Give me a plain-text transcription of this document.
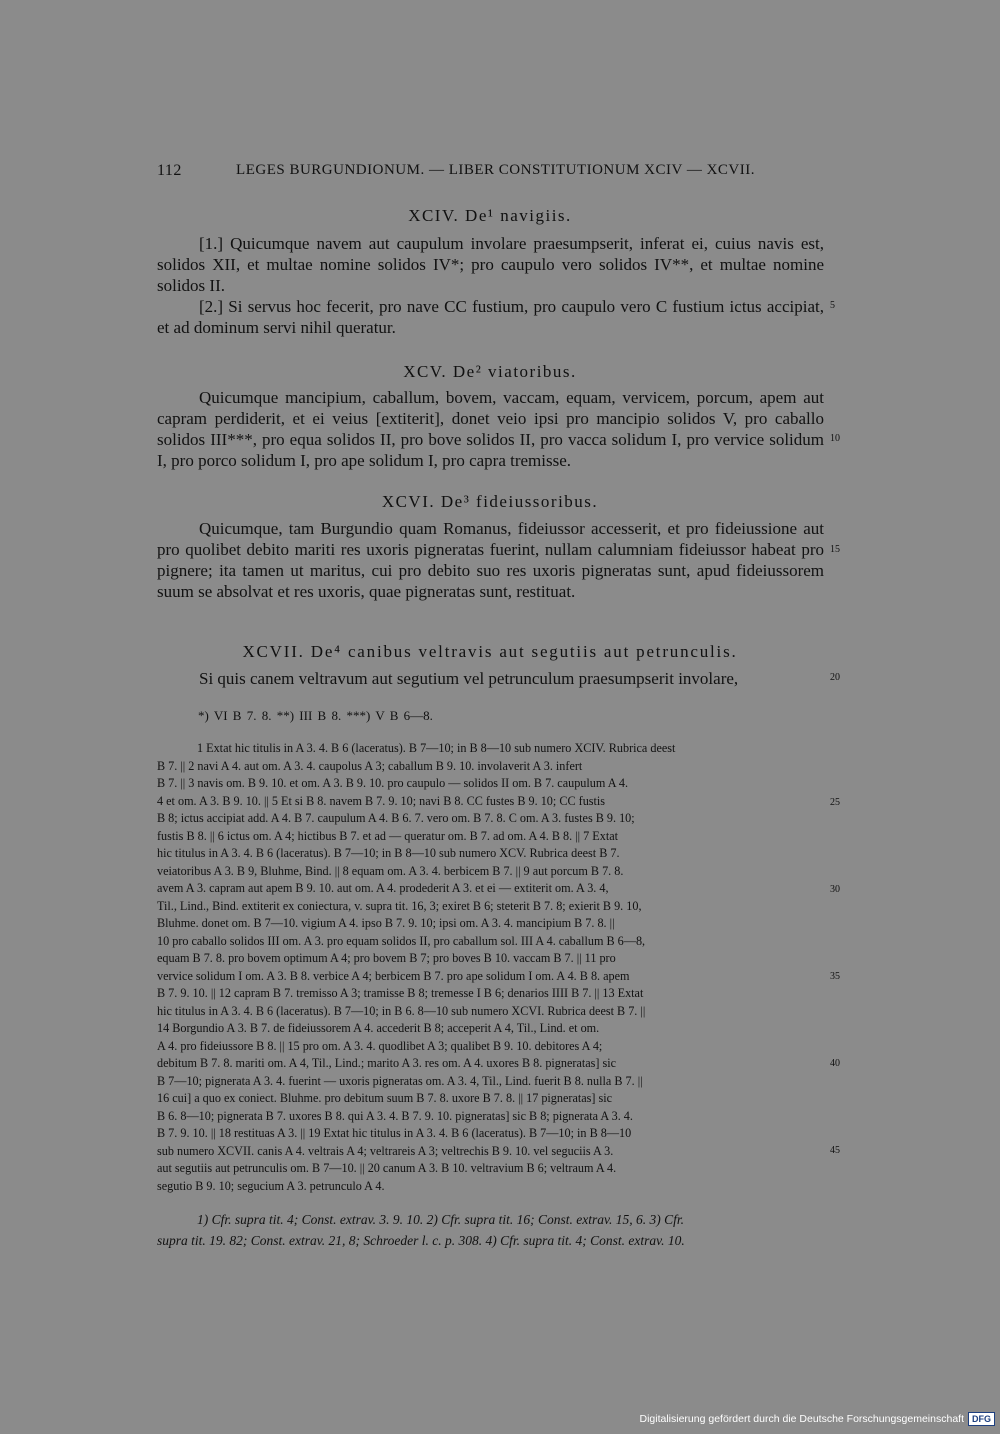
112	LEGES BURGUNDIONUM. — LIBER CONSTITUTIONUM XCIV — XCVII.
XCIV. De¹ navigiis.
[1.] Quicumque navem aut caupulum involare praesumpserit, inferat ei, cuius navis est, solidos XII, et multae nomine solidos IV*; pro caupulo vero solidos IV**, et multae nomine solidos II.
[2.] Si servus hoc fecerit, pro nave CC fustium, pro caupulo vero C fustium ictus accipiat, et ad dominum servi nihil queratur.
XCV. De² viatoribus.
Quicumque mancipium, caballum, bovem, vaccam, equam, vervicem, porcum, apem aut capram perdiderit, et ei veius [extiterit], donet veio ipsi pro mancipio solidos V, pro caballo solidos III***, pro equa solidos II, pro bove solidos II, pro vacca solidum I, pro vervice solidum I, pro porco solidum I, pro ape solidum I, pro capra tremisse.
XCVI. De³ fideiussoribus.
Quicumque, tam Burgundio quam Romanus, fideiussor accesserit, et pro fideiussione aut pro quolibet debito mariti res uxoris pigneratas fuerint, nullam calumniam fideiussor habeat pro pignere; ita tamen ut maritus, cui pro debito suo res uxoris pigneratas sunt, apud fideiussorem suum se absolvat et res uxoris, quae pigneratas sunt, restituat.
XCVII. De⁴ canibus veltravis aut segutiis aut petrunculis.
Si quis canem veltravum aut segutium vel petrunculum praesumpserit involare,
5
10
15
20
25
30
35
40
45
*) VI B 7. 8. **) III B 8. ***) V B 6—8.
1 Extat hic titulis in A 3. 4. B 6 (laceratus). B 7—10; in B 8—10 sub numero XCIV. Rubrica deest
B 7. || 2 navi A 4. aut om. A 3. 4. caupolus A 3; caballum B 9. 10. involaverit A 3. infert
B 7. || 3 navis om. B 9. 10. et om. A 3. B 9. 10. pro caupulo — solidos II om. B 7. caupulum A 4.
4 et om. A 3. B 9. 10. || 5 Et si B 8. navem B 7. 9. 10; navi B 8. CC fustes B 9. 10; CC fustis
B 8; ictus accipiat add. A 4. B 7. caupulum A 4. B 6. 7. vero om. B 7. 8. C om. A 3. fustes B 9. 10;
fustis B 8. || 6 ictus om. A 4; hictibus B 7. et ad — queratur om. B 7. ad om. A 4. B 8. || 7 Extat
hic titulus in A 3. 4. B 6 (laceratus). B 7—10; in B 8—10 sub numero XCV. Rubrica deest B 7.
veiatoribus A 3. B 9, Bluhme, Bind. || 8 equam om. A 3. 4. berbicem B 7. || 9 aut porcum B 7. 8.
avem A 3. capram aut apem B 9. 10. aut om. A 4. prodederit A 3. et ei — extiterit om. A 3. 4,
Til., Lind., Bind. extiterit ex coniectura, v. supra tit. 16, 3; exiret B 6; steterit B 7. 8; exierit B 9. 10,
Bluhme. donet om. B 7—10. vigium A 4. ipso B 7. 9. 10; ipsi om. A 3. 4. mancipium B 7. 8. ||
10 pro caballo solidos III om. A 3. pro equam solidos II, pro caballum sol. III A 4. caballum B 6—8,
equam B 7. 8. pro bovem optimum A 4; pro bovem B 7; pro boves B 10. vaccam B 7. || 11 pro
vervice solidum I om. A 3. B 8. verbice A 4; berbicem B 7. pro ape solidum I om. A 4. B 8. apem
B 7. 9. 10. || 12 capram B 7. tremisso A 3; tramisse B 8; tremesse I B 6; denarios IIII B 7. || 13 Extat
hic titulus in A 3. 4. B 6 (laceratus). B 7—10; in B 6. 8—10 sub numero XCVI. Rubrica deest B 7. ||
14 Borgundio A 3. B 7. de fideiussorem A 4. accederit B 8; acceperit A 4, Til., Lind. et om.
A 4. pro fideiussore B 8. || 15 pro om. A 3. 4. quodlibet A 3; qualibet B 9. 10. debitores A 4;
debitum B 7. 8. mariti om. A 4, Til., Lind.; marito A 3. res om. A 4. uxores B 8. pigneratas] sic
B 7—10; pignerata A 3. 4. fuerint — uxoris pigneratas om. A 3. 4, Til., Lind. fuerit B 8. nulla B 7. ||
16 cui] a quo ex coniect. Bluhme. pro debitum suum B 7. 8. uxore B 7. 8. || 17 pigneratas] sic
B 6. 8—10; pignerata B 7. uxores B 8. qui A 3. 4. B 7. 9. 10. pigneratas] sic B 8; pignerata A 3. 4.
B 7. 9. 10. || 18 restituas A 3. || 19 Extat hic titulus in A 3. 4. B 6 (laceratus). B 7—10; in B 8—10
sub numero XCVII. canis A 4. veltrais A 4; veltrareis A 3; veltrechis B 9. 10. vel seguciis A 3.
aut segutiis aut petrunculis om. B 7—10. || 20 canum A 3. B 10. veltravium B 6; veltraum A 4.
segutio B 9. 10; segucium A 3. petrunculo A 4.
1) Cfr. supra tit. 4; Const. extrav. 3. 9. 10. 2) Cfr. supra tit. 16; Const. extrav. 15, 6. 3) Cfr.
supra tit. 19. 82; Const. extrav. 21, 8; Schroeder l. c. p. 308. 4) Cfr. supra tit. 4; Const. extrav. 10.
Digitalisierung gefördert durch die Deutsche Forschungsgemeinschaft DFG
